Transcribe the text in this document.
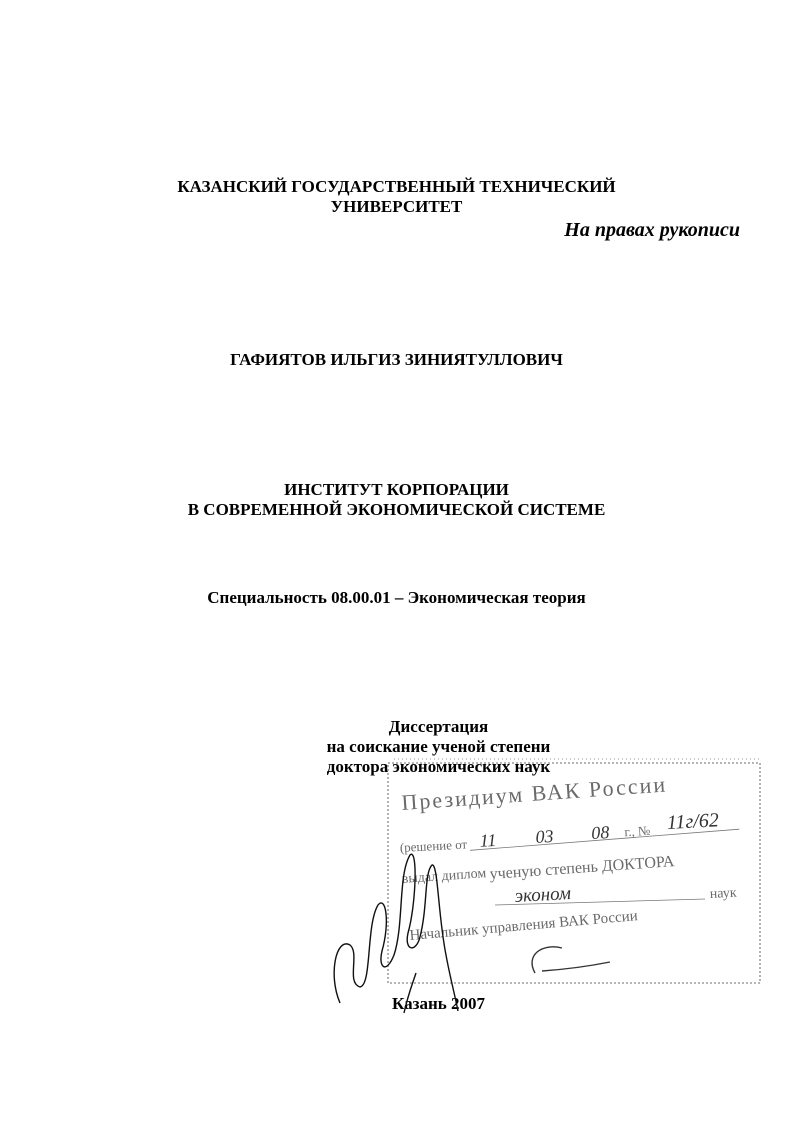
КАЗАНСКИЙ ГОСУДАРСТВЕННЫЙ ТЕХНИЧЕСКИЙ
УНИВЕРСИТЕТ
На правах рукописи
ГАФИЯТОВ ИЛЬГИЗ ЗИНИЯТУЛЛОВИЧ
ИНСТИТУТ КОРПОРАЦИИ
В СОВРЕМЕННОЙ ЭКОНОМИЧЕСКОЙ СИСТЕМЕ
Специальность 08.00.01 – Экономическая теория
Диссертация
на соискание ученой степени
доктора экономических наук
Казань 2007
Президиум ВАК России
(решение от 11 03 08 г., № 11г/62
выдал диплом ученую степень ДОКТОРА
эконом	наук
Начальник управления ВАК России
